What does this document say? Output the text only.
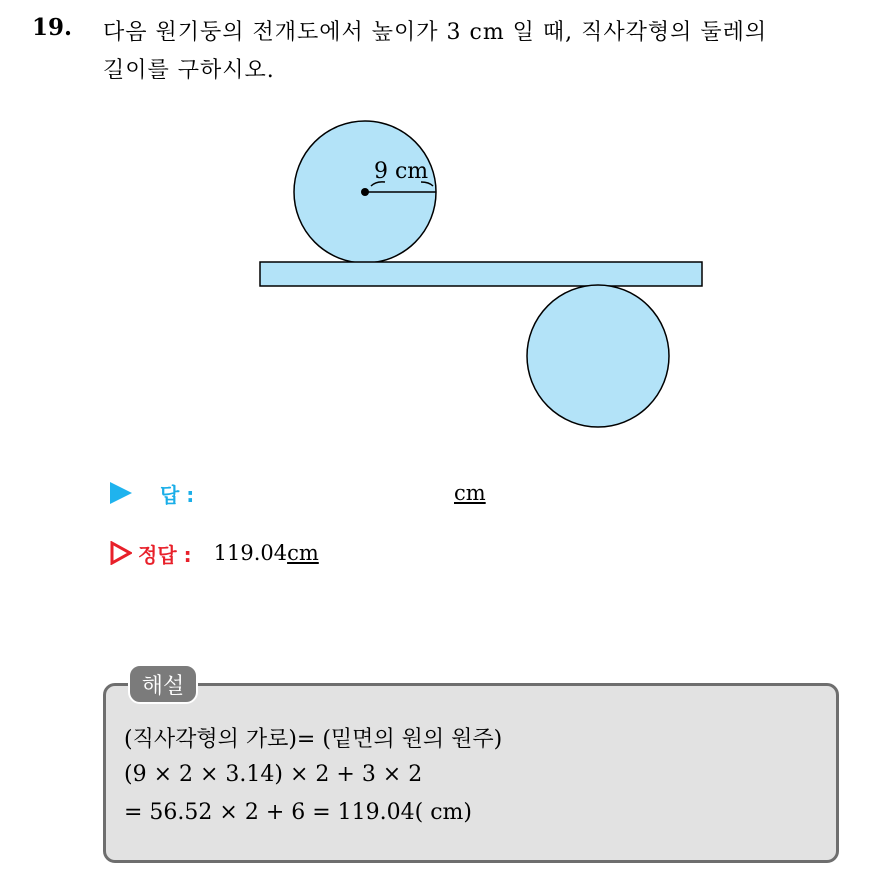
19. 다음 원기둥의 전개도에서 높이가 3 cm 일 때, 직사각형의 둘레의
길이를 구하시오.
9 cm
답 :	cm
정답 : 119.04cm
해설
(직사각형의 가로)= (밑면의 원의 원주)
(9 × 2 × 3.14) × 2 + 3 × 2
= 56.52 × 2 + 6 = 119.04( cm)
